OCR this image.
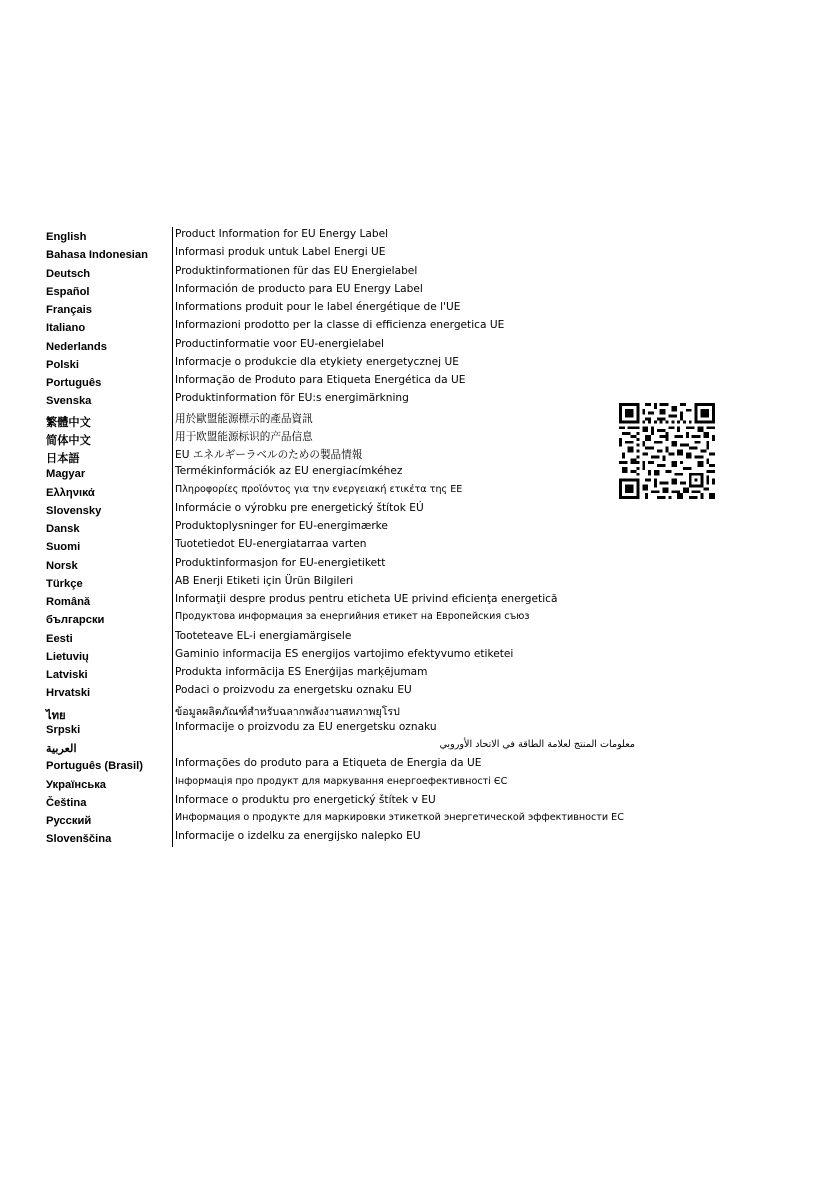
English	Product Information for EU Energy Label
Bahasa Indonesian	Informasi produk untuk Label Energi UE
Deutsch	Produktinformationen für das EU Energielabel
Español	Información de producto para EU Energy Label
Français	Informations produit pour le label énergétique de l'UE
Italiano	Informazioni prodotto per la classe di efficienza energetica UE
Nederlands	Productinformatie voor EU-energielabel
Polski	Informacje o produkcie dla etykiety energetycznej UE
Português	Informação de Produto para Etiqueta Energética da UE
Svenska	Produktinformation för EU:s energimärkning
繁體中文	用於歐盟能源標示的產品資訊
简体中文	用于欧盟能源标识的产品信息
日本語	EU エネルギーラベルのための製品情報
Magyar	Termékinformációk az EU energiacímkéhez
Ελληνικά	Πληροφορίες προϊόντος για την ενεργειακή ετικέτα της ΕΕ
Slovensky	Informácie o výrobku pre energetický štítok EÚ
Dansk	Produktoplysninger for EU-energimærke
Suomi	Tuotetiedot EU-energiatarraa varten
Norsk	Produktinformasjon for EU-energietikett
Türkçe	AB Enerji Etiketi için Ürün Bilgileri
Română	Informaţii despre produs pentru eticheta UE privind eficienţa energetică
български	Продуктова информация за енергийния етикет на Европейския съюз
Eesti	Tooteteave EL-i energiamärgisele
Lietuvių	Gaminio informacija ES energijos vartojimo efektyvumo etiketei
Latviski	Produkta informācija ES Enerģijas marķējumam
Hrvatski	Podaci o proizvodu za energetsku oznaku EU
ไทย	ข้อมูลผลิตภัณฑ์สำหรับฉลากพลังงานสหภาพยุโรป
Srpski	Informacije o proizvodu za EU energetsku oznaku
العربية	معلومات المنتج لعلامة الطاقة في الاتحاد الأوروبي
Português (Brasil)	Informações do produto para a Etiqueta de Energia da UE
Українська	Інформація про продукт для маркування енергоефективності ЄС
Čeština	Informace o produktu pro energetický štítek v EU
Русский	Информация о продукте для маркировки этикеткой энергетической эффективности ЕС
Slovenščina	Informacije o izdelku za energijsko nalepko EU
